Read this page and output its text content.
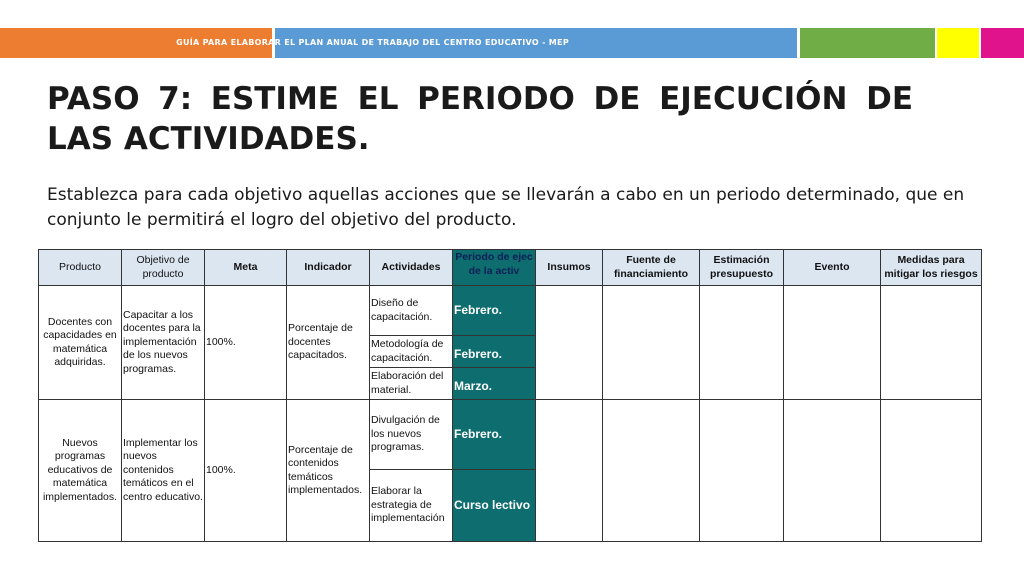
GUÍA PARA ELABORAR EL PLAN ANUAL DE TRABAJO DEL CENTRO EDUCATIVO - MEP
PASO 7: ESTIME EL PERIODO DE EJECUCIÓN DE LAS ACTIVIDADES.
Establezca para cada objetivo aquellas acciones que se llevarán a cabo en un periodo determinado, que en conjunto le permitirá el logro del objetivo del producto.
Producto	Objetivo de producto	Meta	Indicador	Actividades	Periodo de ejec de la activ	Insumos	Fuente de financiamiento	Estimación presupuesto	Evento	Medidas para mitigar los riesgos
Docentes con capacidades en matemática adquiridas.	Capacitar a los docentes para la implementación de los nuevos programas.	100%.	Porcentaje de docentes capacitados.	Diseño de capacitación.	Febrero.					
				Metodología de capacitación.	Febrero.					
				Elaboración del material.	Marzo.					
Nuevos programas educativos de matemática implementados.	Implementar los nuevos contenidos temáticos en el centro educativo.	100%.	Porcentaje de contenidos temáticos implementados.	Divulgación de los nuevos programas.	Febrero.					
				Elaborar la estrategia de implementación	Curso lectivo					
